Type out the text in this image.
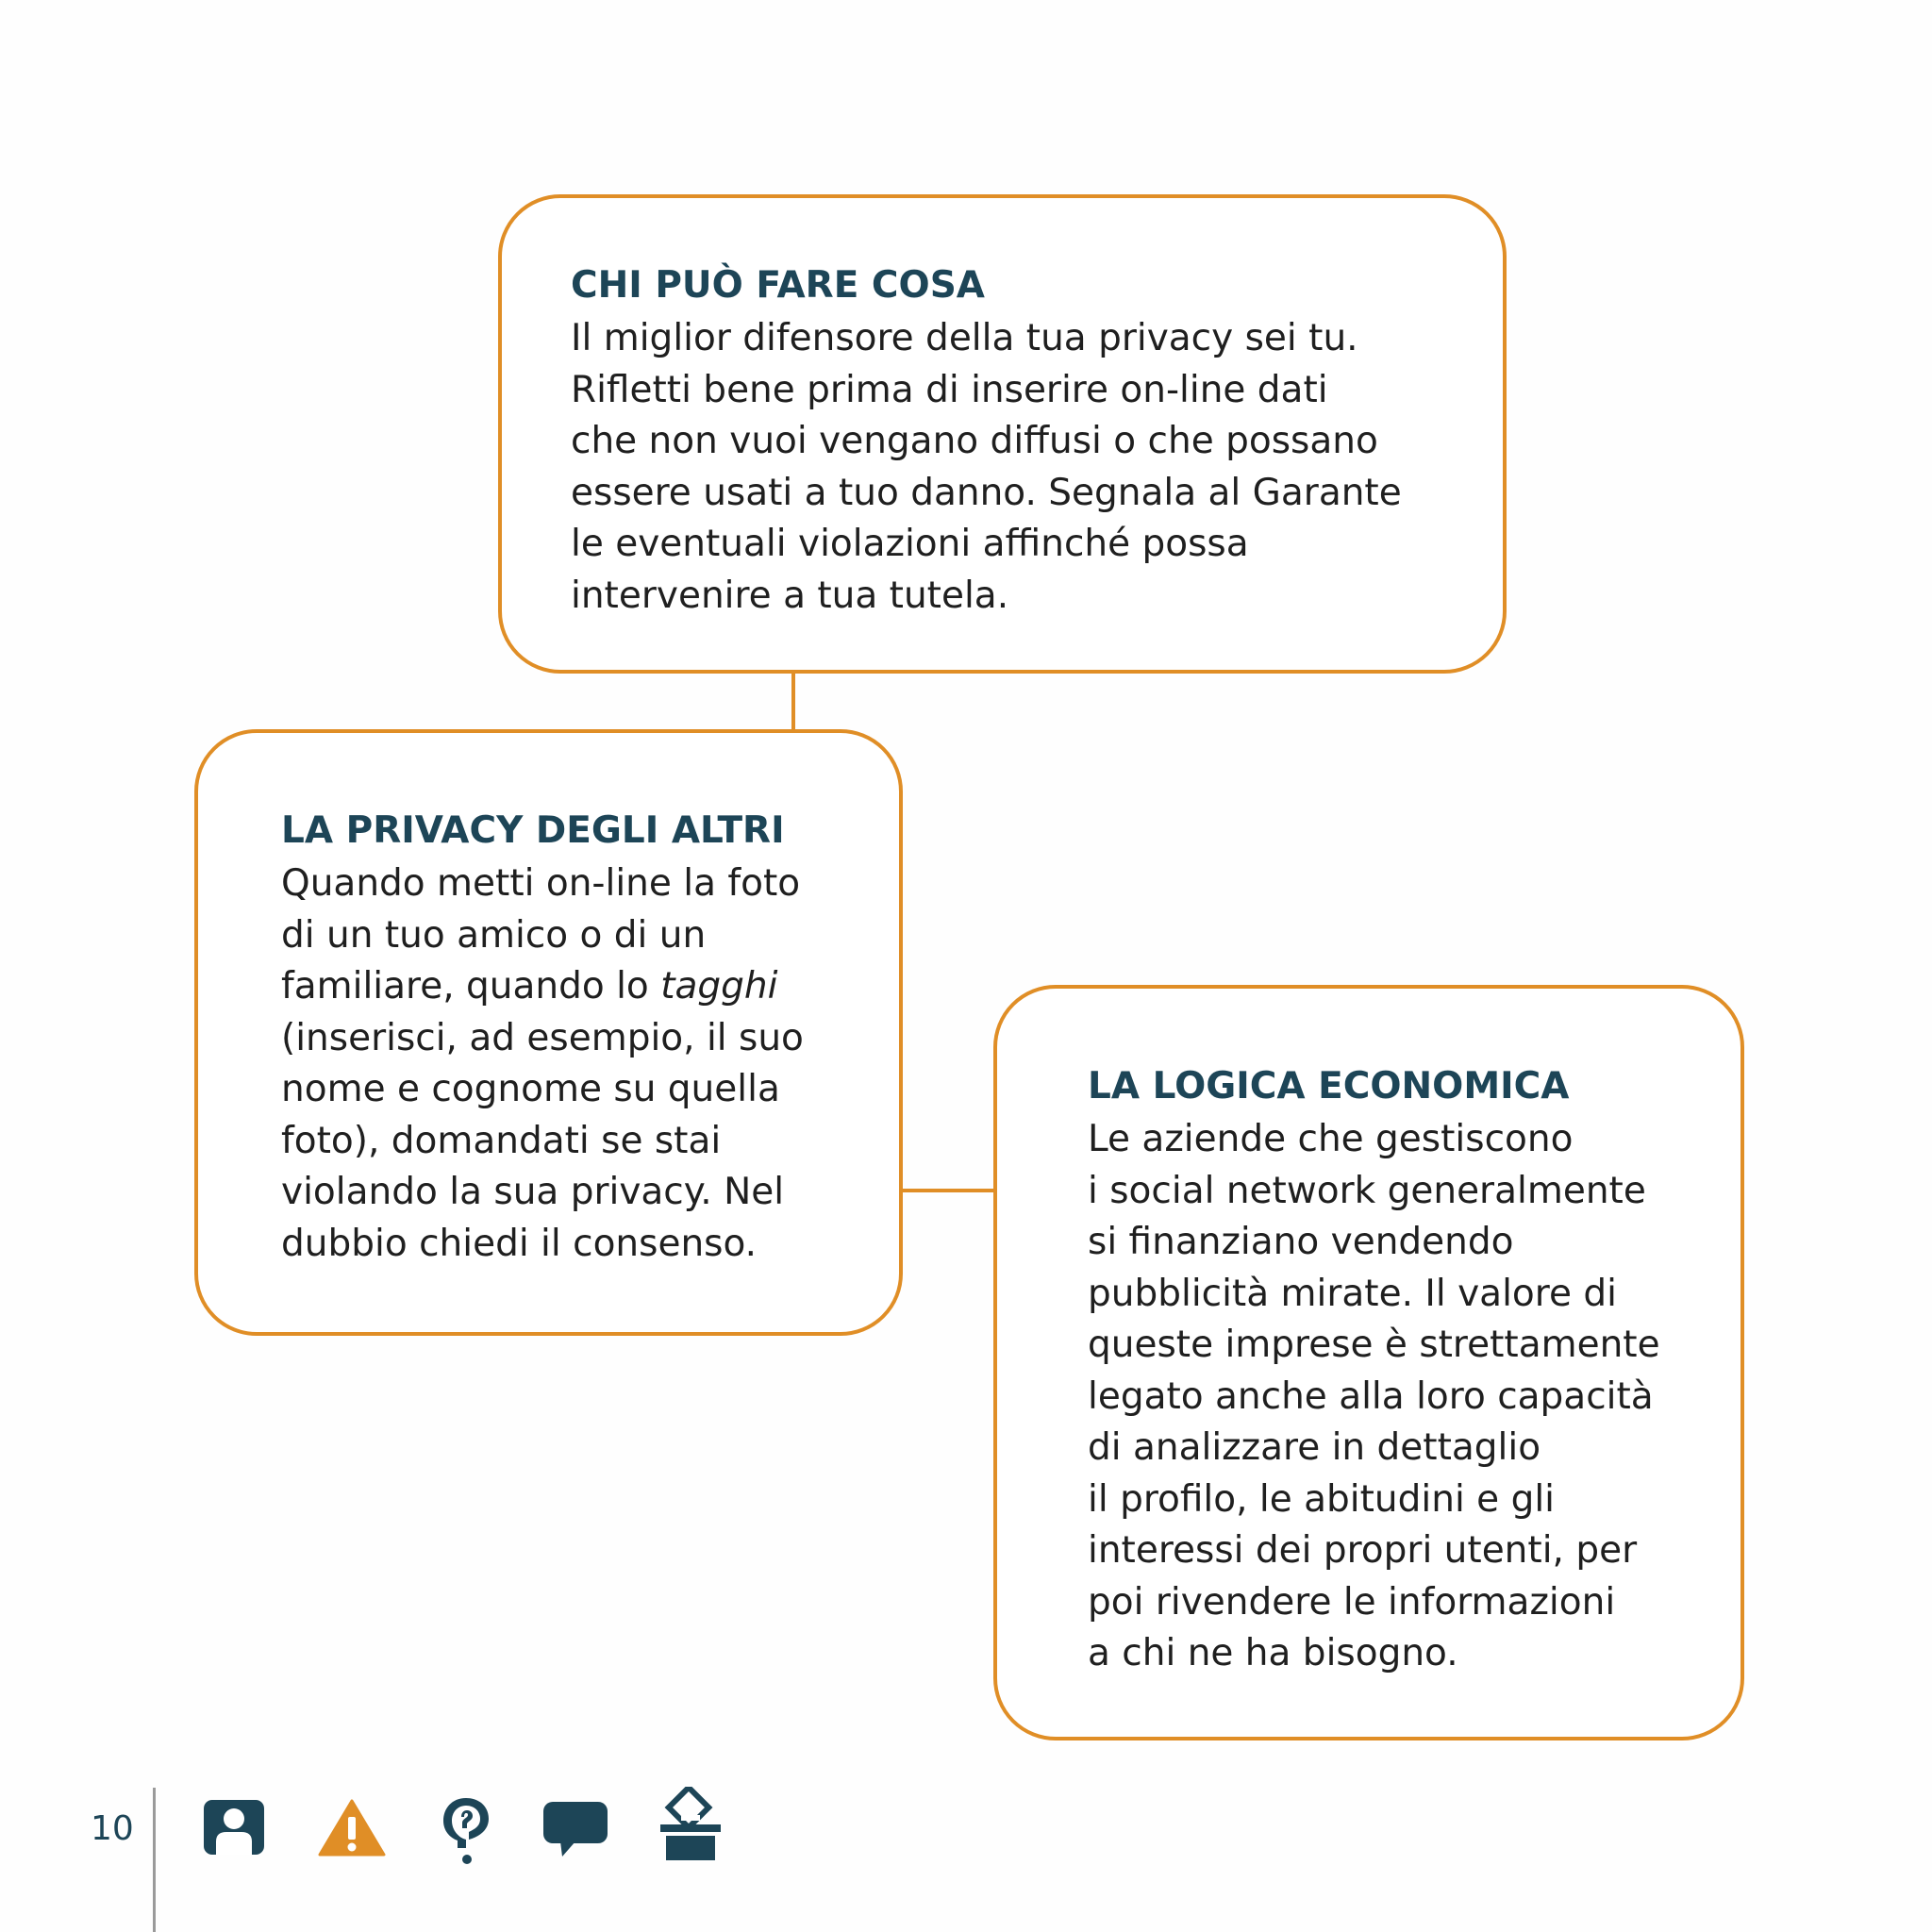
CHI PUÒ FARE COSA

Il miglior difensore della tua privacy sei tu.
Rifletti bene prima di inserire on-line dati
che non vuoi vengano diffusi o che possano
essere usati a tuo danno. Segnala al Garante
le eventuali violazioni affinché possa
intervenire a tua tutela.

LA PRIVACY DEGLI ALTRI

Quando metti on-line la foto
di un tuo amico o di un
familiare, quando lo tagghi
(inserisci, ad esempio, il suo
nome e cognome su quella
foto), domandati se stai
violando la sua privacy. Nel
dubbio chiedi il consenso.

LA LOGICA ECONOMICA

Le aziende che gestiscono
i social network generalmente
si finanziano vendendo
pubblicità mirate. Il valore di
queste imprese è strettamente
legato anche alla loro capacità
di analizzare in dettaglio
il profilo, le abitudini e gli
interessi dei propri utenti, per
poi rivendere le informazioni
a chi ne ha bisogno.

10
